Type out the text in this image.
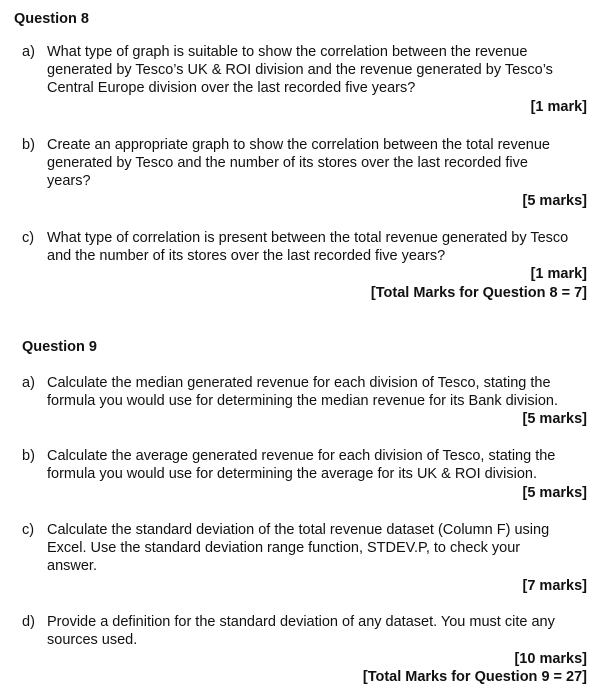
Question 8
a) What type of graph is suitable to show the correlation between the revenue
generated by Tesco’s UK & ROI division and the revenue generated by Tesco’s
Central Europe division over the last recorded five years?
[1 mark]
b) Create an appropriate graph to show the correlation between the total revenue
generated by Tesco and the number of its stores over the last recorded five
years?
[5 marks]
c) What type of correlation is present between the total revenue generated by Tesco
and the number of its stores over the last recorded five years?
[1 mark]
[Total Marks for Question 8 = 7]
Question 9
a) Calculate the median generated revenue for each division of Tesco, stating the
formula you would use for determining the median revenue for its Bank division.
[5 marks]
b) Calculate the average generated revenue for each division of Tesco, stating the
formula you would use for determining the average for its UK & ROI division.
[5 marks]
c) Calculate the standard deviation of the total revenue dataset (Column F) using
Excel. Use the standard deviation range function, STDEV.P, to check your
answer.
[7 marks]
d) Provide a definition for the standard deviation of any dataset. You must cite any
sources used.
[10 marks]
[Total Marks for Question 9 = 27]
